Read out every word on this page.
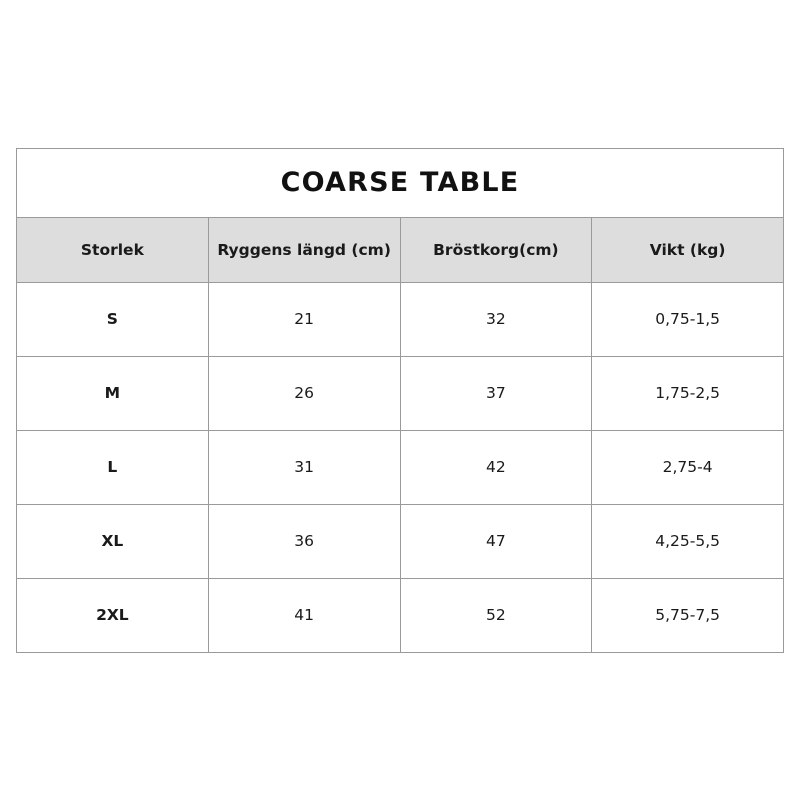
COARSE TABLE			
Storlek	Ryggens längd (cm)	Bröstkorg(cm)	Vikt (kg)
S	21	32	0,75-1,5
M	26	37	1,75-2,5
L	31	42	2,75-4
XL	36	47	4,25-5,5
2XL	41	52	5,75-7,5
